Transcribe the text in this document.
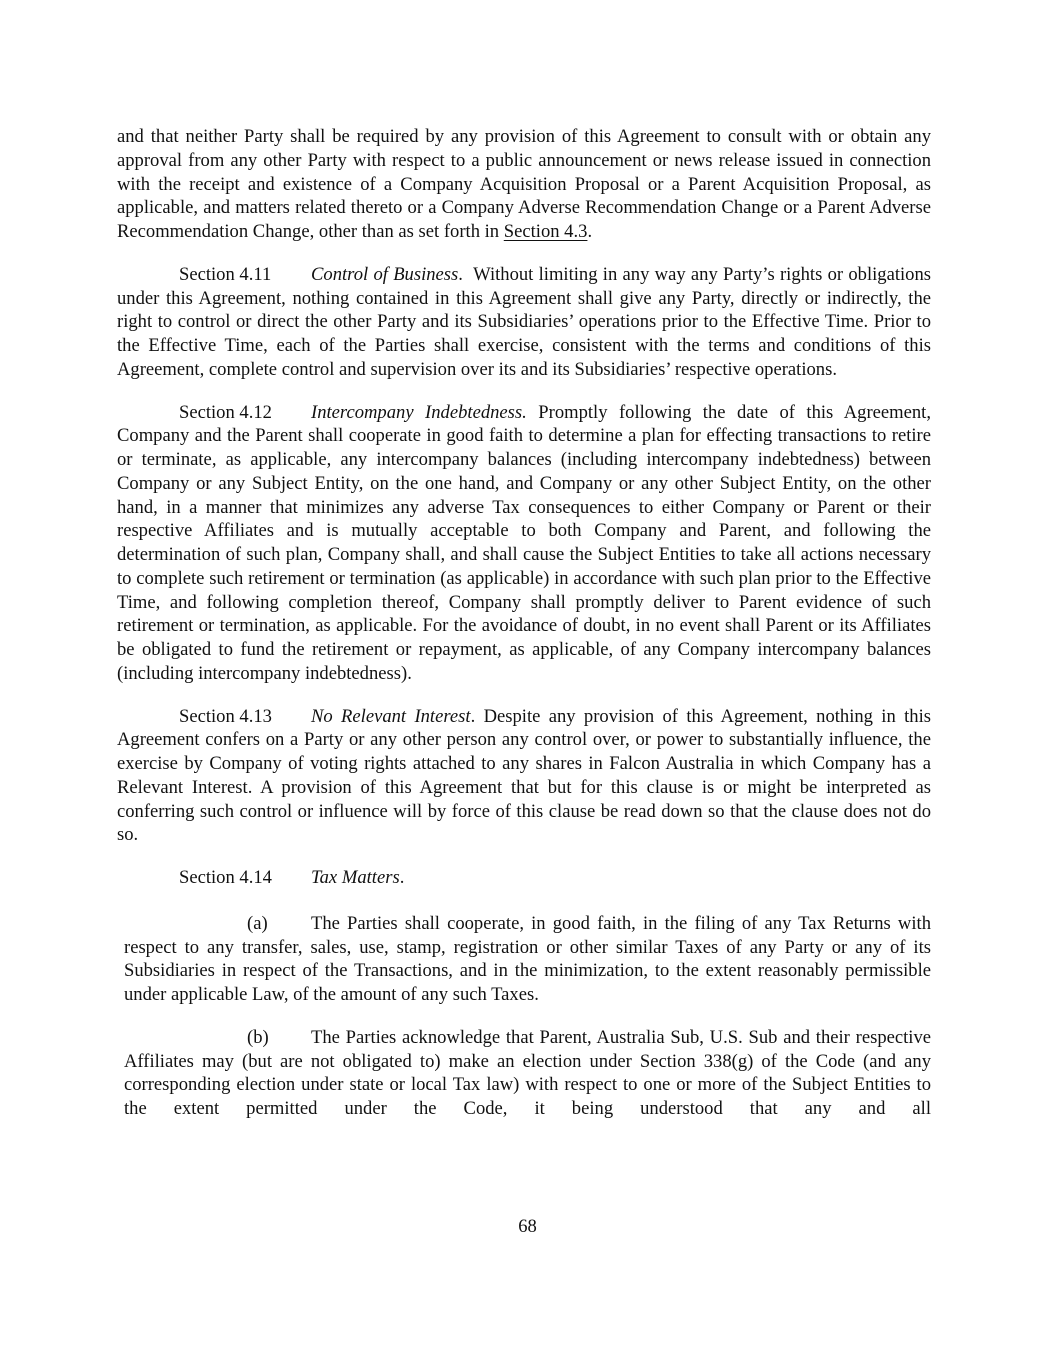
and that neither Party shall be required by any provision of this Agreement to consult with or obtain any approval from any other Party with respect to a public announcement or news release issued in connection with the receipt and existence of a Company Acquisition Proposal or a Parent Acquisition Proposal, as applicable, and matters related thereto or a Company Adverse Recommendation Change or a Parent Adverse Recommendation Change, other than as set forth in Section 4.3.

Section 4.11 Control of Business.  Without limiting in any way any Party’s rights or obligations under this Agreement, nothing contained in this Agreement shall give any Party, directly or indirectly, the right to control or direct the other Party and its Subsidiaries’ operations prior to the Effective Time. Prior to the Effective Time, each of the Parties shall exercise, consistent with the terms and conditions of this Agreement, complete control and supervision over its and its Subsidiaries’ respective operations.

Section 4.12 Intercompany Indebtedness. Promptly following the date of this Agreement, Company and the Parent shall cooperate in good faith to determine a plan for effecting transactions to retire or terminate, as applicable, any intercompany balances (including intercompany indebtedness) between Company or any Subject Entity, on the one hand, and Company or any other Subject Entity, on the other hand, in a manner that minimizes any adverse Tax consequences to either Company or Parent or their respective Affiliates and is mutually acceptable to both Company and Parent, and following the determination of such plan, Company shall, and shall cause the Subject Entities to take all actions necessary to complete such retirement or termination (as applicable) in accordance with such plan prior to the Effective Time, and following completion thereof, Company shall promptly deliver to Parent evidence of such retirement or termination, as applicable. For the avoidance of doubt, in no event shall Parent or its Affiliates be obligated to fund the retirement or repayment, as applicable, of any Company intercompany balances (including intercompany indebtedness).

Section 4.13 No Relevant Interest. Despite any provision of this Agreement, nothing in this Agreement confers on a Party or any other person any control over, or power to substantially influence, the exercise by Company of voting rights attached to any shares in Falcon Australia in which Company has a Relevant Interest. A provision of this Agreement that but for this clause is or might be interpreted as conferring such control or influence will by force of this clause be read down so that the clause does not do so.

Section 4.14 Tax Matters.

(a) The Parties shall cooperate, in good faith, in the filing of any Tax Returns with respect to any transfer, sales, use, stamp, registration or other similar Taxes of any Party or any of its Subsidiaries in respect of the Transactions, and in the minimization, to the extent reasonably permissible under applicable Law, of the amount of any such Taxes.

(b) The Parties acknowledge that Parent, Australia Sub, U.S. Sub and their respective Affiliates may (but are not obligated to) make an election under Section 338(g) of the Code (and any corresponding election under state or local Tax law) with respect to one or more of the Subject Entities to the extent permitted under the Code, it being understood that any and all

68
